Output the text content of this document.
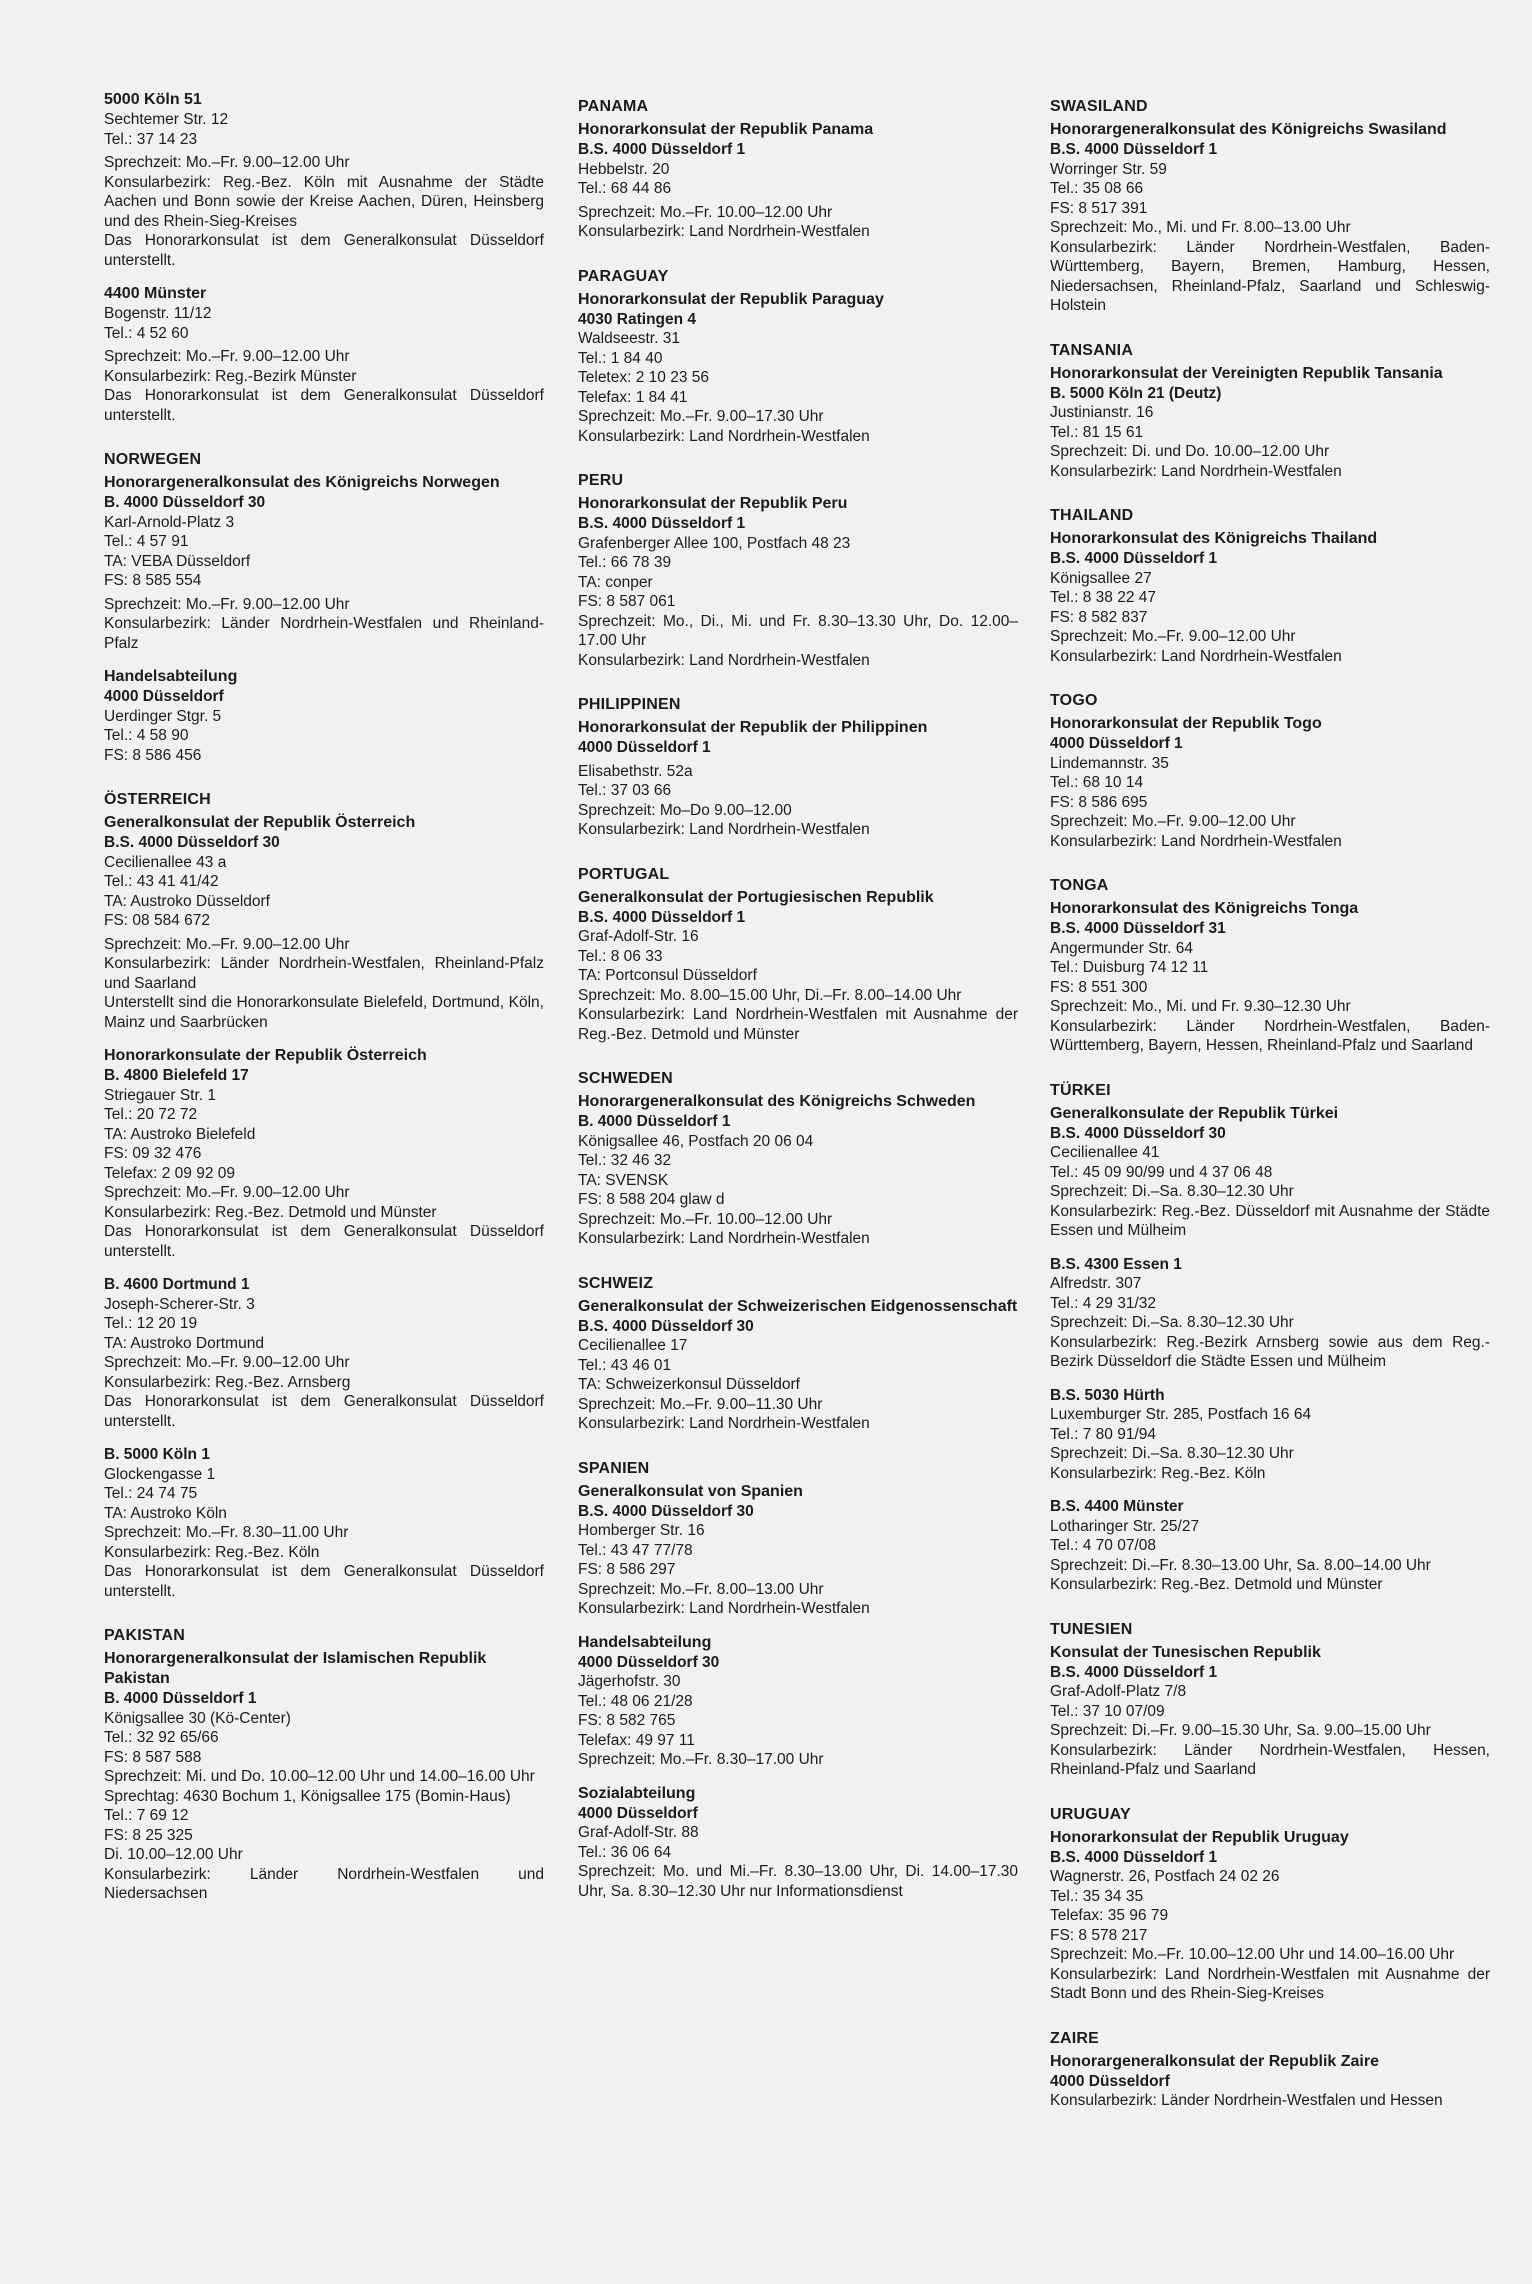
5000 Köln 51
Sechtemer Str. 12
Tel.: 37 14 23
Sprechzeit: Mo.–Fr. 9.00–12.00 Uhr
Konsularbezirk: Reg.-Bez. Köln mit Ausnahme der Städte Aachen und Bonn sowie der Kreise Aachen, Düren, Heinsberg und des Rhein-Sieg-Kreises
Das Honorarkonsulat ist dem Generalkonsulat Düsseldorf unterstellt.
4400 Münster
Bogenstr. 11/12
Tel.: 4 52 60
Sprechzeit: Mo.–Fr. 9.00–12.00 Uhr
Konsularbezirk: Reg.-Bezirk Münster
Das Honorarkonsulat ist dem Generalkonsulat Düsseldorf unterstellt.
NORWEGEN
Honorargeneralkonsulat des Königreichs Norwegen
B. 4000 Düsseldorf 30
Karl-Arnold-Platz 3
Tel.: 4 57 91
TA: VEBA Düsseldorf
FS: 8 585 554
Sprechzeit: Mo.–Fr. 9.00–12.00 Uhr
Konsularbezirk: Länder Nordrhein-Westfalen und Rheinland-Pfalz
Handelsabteilung
4000 Düsseldorf
Uerdinger Stgr. 5
Tel.: 4 58 90
FS: 8 586 456
ÖSTERREICH
Generalkonsulat der Republik Österreich
B.S. 4000 Düsseldorf 30
Cecilienallee 43 a
Tel.: 43 41 41/42
TA: Austroko Düsseldorf
FS: 08 584 672
Sprechzeit: Mo.–Fr. 9.00–12.00 Uhr
Konsularbezirk: Länder Nordrhein-Westfalen, Rheinland-Pfalz und Saarland
Unterstellt sind die Honorarkonsulate Bielefeld, Dortmund, Köln, Mainz und Saarbrücken
Honorarkonsulate der Republik Österreich
B. 4800 Bielefeld 17
Striegauer Str. 1
Tel.: 20 72 72
TA: Austroko Bielefeld
FS: 09 32 476
Telefax: 2 09 92 09
Sprechzeit: Mo.–Fr. 9.00–12.00 Uhr
Konsularbezirk: Reg.-Bez. Detmold und Münster
Das Honorarkonsulat ist dem Generalkonsulat Düsseldorf unterstellt.
B. 4600 Dortmund 1
Joseph-Scherer-Str. 3
Tel.: 12 20 19
TA: Austroko Dortmund
Sprechzeit: Mo.–Fr. 9.00–12.00 Uhr
Konsularbezirk: Reg.-Bez. Arnsberg
Das Honorarkonsulat ist dem Generalkonsulat Düsseldorf unterstellt.
B. 5000 Köln 1
Glockengasse 1
Tel.: 24 74 75
TA: Austroko Köln
Sprechzeit: Mo.–Fr. 8.30–11.00 Uhr
Konsularbezirk: Reg.-Bez. Köln
Das Honorarkonsulat ist dem Generalkonsulat Düsseldorf unterstellt.
PAKISTAN
Honorargeneralkonsulat der Islamischen Republik Pakistan
B. 4000 Düsseldorf 1
Königsallee 30 (Kö-Center)
Tel.: 32 92 65/66
FS: 8 587 588
Sprechzeit: Mi. und Do. 10.00–12.00 Uhr und 14.00–16.00 Uhr
Sprechtag: 4630 Bochum 1, Königsallee 175 (Bomin-Haus)
Tel.: 7 69 12
FS: 8 25 325
Di. 10.00–12.00 Uhr
Konsularbezirk: Länder Nordrhein-Westfalen und Niedersachsen
PANAMA
Honorarkonsulat der Republik Panama
B.S. 4000 Düsseldorf 1
Hebbelstr. 20
Tel.: 68 44 86
Sprechzeit: Mo.–Fr. 10.00–12.00 Uhr
Konsularbezirk: Land Nordrhein-Westfalen
PARAGUAY
Honorarkonsulat der Republik Paraguay
4030 Ratingen 4
Waldseestr. 31
Tel.: 1 84 40
Teletex: 2 10 23 56
Telefax: 1 84 41
Sprechzeit: Mo.–Fr. 9.00–17.30 Uhr
Konsularbezirk: Land Nordrhein-Westfalen
PERU
Honorarkonsulat der Republik Peru
B.S. 4000 Düsseldorf 1
Grafenberger Allee 100, Postfach 48 23
Tel.: 66 78 39
TA: conper
FS: 8 587 061
Sprechzeit: Mo., Di., Mi. und Fr. 8.30–13.30 Uhr, Do. 12.00–17.00 Uhr
Konsularbezirk: Land Nordrhein-Westfalen
PHILIPPINEN
Honorarkonsulat der Republik der Philippinen
4000 Düsseldorf 1
Elisabethstr. 52a
Tel.: 37 03 66
Sprechzeit: Mo–Do 9.00–12.00
Konsularbezirk: Land Nordrhein-Westfalen
PORTUGAL
Generalkonsulat der Portugiesischen Republik
B.S. 4000 Düsseldorf 1
Graf-Adolf-Str. 16
Tel.: 8 06 33
TA: Portconsul Düsseldorf
Sprechzeit: Mo. 8.00–15.00 Uhr, Di.–Fr. 8.00–14.00 Uhr
Konsularbezirk: Land Nordrhein-Westfalen mit Ausnahme der Reg.-Bez. Detmold und Münster
SCHWEDEN
Honorargeneralkonsulat des Königreichs Schweden
B. 4000 Düsseldorf 1
Königsallee 46, Postfach 20 06 04
Tel.: 32 46 32
TA: SVENSK
FS: 8 588 204 glaw d
Sprechzeit: Mo.–Fr. 10.00–12.00 Uhr
Konsularbezirk: Land Nordrhein-Westfalen
SCHWEIZ
Generalkonsulat der Schweizerischen Eidgenossenschaft
B.S. 4000 Düsseldorf 30
Cecilienallee 17
Tel.: 43 46 01
TA: Schweizerkonsul Düsseldorf
Sprechzeit: Mo.–Fr. 9.00–11.30 Uhr
Konsularbezirk: Land Nordrhein-Westfalen
SPANIEN
Generalkonsulat von Spanien
B.S. 4000 Düsseldorf 30
Homberger Str. 16
Tel.: 43 47 77/78
FS: 8 586 297
Sprechzeit: Mo.–Fr. 8.00–13.00 Uhr
Konsularbezirk: Land Nordrhein-Westfalen
Handelsabteilung
4000 Düsseldorf 30
Jägerhofstr. 30
Tel.: 48 06 21/28
FS: 8 582 765
Telefax: 49 97 11
Sprechzeit: Mo.–Fr. 8.30–17.00 Uhr
Sozialabteilung
4000 Düsseldorf
Graf-Adolf-Str. 88
Tel.: 36 06 64
Sprechzeit: Mo. und Mi.–Fr. 8.30–13.00 Uhr, Di. 14.00–17.30 Uhr, Sa. 8.30–12.30 Uhr nur Informationsdienst
SWASILAND
Honorargeneralkonsulat des Königreichs Swasiland
B.S. 4000 Düsseldorf 1
Worringer Str. 59
Tel.: 35 08 66
FS: 8 517 391
Sprechzeit: Mo., Mi. und Fr. 8.00–13.00 Uhr
Konsularbezirk: Länder Nordrhein-Westfalen, Baden-Württemberg, Bayern, Bremen, Hamburg, Hessen, Niedersachsen, Rheinland-Pfalz, Saarland und Schleswig-Holstein
TANSANIA
Honorarkonsulat der Vereinigten Republik Tansania
B. 5000 Köln 21 (Deutz)
Justinianstr. 16
Tel.: 81 15 61
Sprechzeit: Di. und Do. 10.00–12.00 Uhr
Konsularbezirk: Land Nordrhein-Westfalen
THAILAND
Honorarkonsulat des Königreichs Thailand
B.S. 4000 Düsseldorf 1
Königsallee 27
Tel.: 8 38 22 47
FS: 8 582 837
Sprechzeit: Mo.–Fr. 9.00–12.00 Uhr
Konsularbezirk: Land Nordrhein-Westfalen
TOGO
Honorarkonsulat der Republik Togo
4000 Düsseldorf 1
Lindemannstr. 35
Tel.: 68 10 14
FS: 8 586 695
Sprechzeit: Mo.–Fr. 9.00–12.00 Uhr
Konsularbezirk: Land Nordrhein-Westfalen
TONGA
Honorarkonsulat des Königreichs Tonga
B.S. 4000 Düsseldorf 31
Angermunder Str. 64
Tel.: Duisburg 74 12 11
FS: 8 551 300
Sprechzeit: Mo., Mi. und Fr. 9.30–12.30 Uhr
Konsularbezirk: Länder Nordrhein-Westfalen, Baden-Württemberg, Bayern, Hessen, Rheinland-Pfalz und Saarland
TÜRKEI
Generalkonsulate der Republik Türkei
B.S. 4000 Düsseldorf 30
Cecilienallee 41
Tel.: 45 09 90/99 und 4 37 06 48
Sprechzeit: Di.–Sa. 8.30–12.30 Uhr
Konsularbezirk: Reg.-Bez. Düsseldorf mit Ausnahme der Städte Essen und Mülheim
B.S. 4300 Essen 1
Alfredstr. 307
Tel.: 4 29 31/32
Sprechzeit: Di.–Sa. 8.30–12.30 Uhr
Konsularbezirk: Reg.-Bezirk Arnsberg sowie aus dem Reg.-Bezirk Düsseldorf die Städte Essen und Mülheim
B.S. 5030 Hürth
Luxemburger Str. 285, Postfach 16 64
Tel.: 7 80 91/94
Sprechzeit: Di.–Sa. 8.30–12.30 Uhr
Konsularbezirk: Reg.-Bez. Köln
B.S. 4400 Münster
Lotharinger Str. 25/27
Tel.: 4 70 07/08
Sprechzeit: Di.–Fr. 8.30–13.00 Uhr, Sa. 8.00–14.00 Uhr
Konsularbezirk: Reg.-Bez. Detmold und Münster
TUNESIEN
Konsulat der Tunesischen Republik
B.S. 4000 Düsseldorf 1
Graf-Adolf-Platz 7/8
Tel.: 37 10 07/09
Sprechzeit: Di.–Fr. 9.00–15.30 Uhr, Sa. 9.00–15.00 Uhr
Konsularbezirk: Länder Nordrhein-Westfalen, Hessen, Rheinland-Pfalz und Saarland
URUGUAY
Honorarkonsulat der Republik Uruguay
B.S. 4000 Düsseldorf 1
Wagnerstr. 26, Postfach 24 02 26
Tel.: 35 34 35
Telefax: 35 96 79
FS: 8 578 217
Sprechzeit: Mo.–Fr. 10.00–12.00 Uhr und 14.00–16.00 Uhr
Konsularbezirk: Land Nordrhein-Westfalen mit Ausnahme der Stadt Bonn und des Rhein-Sieg-Kreises
ZAIRE
Honorargeneralkonsulat der Republik Zaire
4000 Düsseldorf
Konsularbezirk: Länder Nordrhein-Westfalen und Hessen
